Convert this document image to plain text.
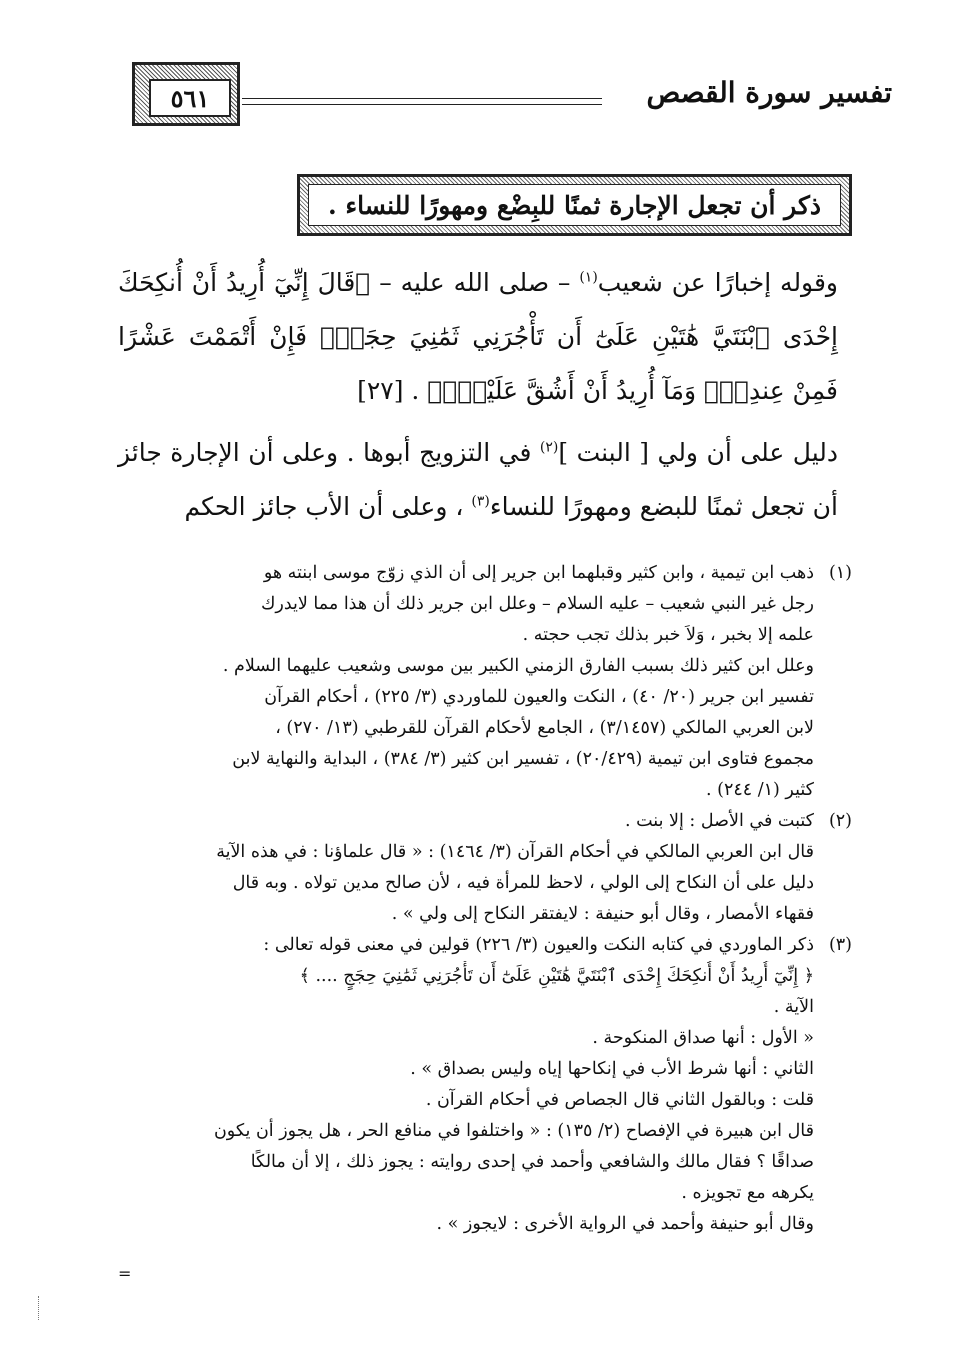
٥٦١	تفسير سورة القصص
ذكر أن تجعل الإجارة ثمنًا للبِضْع ومهورًا للنساء .
وقوله إخبارًا عن شعيب$^{(١)}$ – صلى الله عليه – ﴿قَالَ إِنِّيٓ أُرِيدُ أَنْ أُنكِحَكَ إِحْدَى ٱبْنَتَيَّ هَٰتَيْنِ عَلَىٰٓ أَن تَأْجُرَنِي ثَمَٰنِيَ حِجَجٍۖ فَإِنْ أَتْمَمْتَ عَشْرًا فَمِنْ عِندِكَۖ وَمَآ أُرِيدُ أَنْ أَشُقَّ عَلَيْكَۚ﴾ . [٢٧]
دليل على أن ولي [ البنت ]$^{(٢)}$ في التزويج أبوها . وعلى أن الإجارة جائز أن تجعل ثمنًا للبضع ومهورًا للنساء$^{(٣)}$ ، وعلى أن الأب جائز الحكم

(١)ذهب ابن تيمية ، وابن كثير وقبلهما ابن جرير إلى أن الذي زوّج موسى ابنته هو

رجل غير النبي شعيب – عليه السلام – وعلل ابن جرير ذلك أن هذا مما لايدرك

علمه إلا بخبر ، وَلاَ خبر بذلك تجب حجته .

وعلل ابن كثير ذلك بسبب الفارق الزمني الكبير بين موسى وشعيب عليهما السلام .

تفسير ابن جرير (٢٠/ ٤٠) ، النكت والعيون للماوردي (٣/ ٢٢٥) ، أحكام القرآن

لابن العربي المالكي (٣/١٤٥٧) ، الجامع لأحكام القرآن للقرطبي (١٣/ ٢٧٠) ،

مجموع فتاوى ابن تيمية (٢٠/٤٢٩) ، تفسير ابن كثير (٣/ ٣٨٤) ، البداية والنهاية لابن

كثير (١/ ٢٤٤) .

(٢)كتبت في الأصل : إلا بنت .

قال ابن العربي المالكي في أحكام القرآن (٣/ ١٤٦٤) : « قال علماؤنا : في هذه الآية

دليل على أن النكاح إلى الولي ، لاحظ للمرأة فيه ، لأن صالح مدين تولاه . وبه قال

فقهاء الأمصار ، وقال أبو حنيفة : لايفتقر النكاح إلى ولي » .

(٣)ذكر الماوردي في كتابه النكت والعيون (٣/ ٢٢٦) قولين في معنى قوله تعالى :

﴿ إِنِّيٓ أُرِيدُ أَنْ أُنكِحَكَ إِحْدَى ٱبْنَتَيَّ هَٰتَيْنِ عَلَىٰٓ أَن تَأْجُرَنِي ثَمَٰنِيَ حِجَجٍ .... ﴾

الآية .

« الأول : أنها صداق المنكوحة .

الثاني : أنها شرط الأب في إنكاحها إياه وليس بصداق » .

قلت : وبالقول الثاني قال الجصاص في أحكام القرآن .

قال ابن هبيرة في الإفصاح (٢/ ١٣٥) : « واختلفوا في منافع الحر ، هل يجوز أن يكون

صداقًا ؟ فقال مالك والشافعي وأحمد في إحدى روايته : يجوز ذلك ، إلا أن مالكًا

يكرهه مع تجويزه .

وقال أبو حنيفة وأحمد في الرواية الأخرى : لايجوز » .

=
